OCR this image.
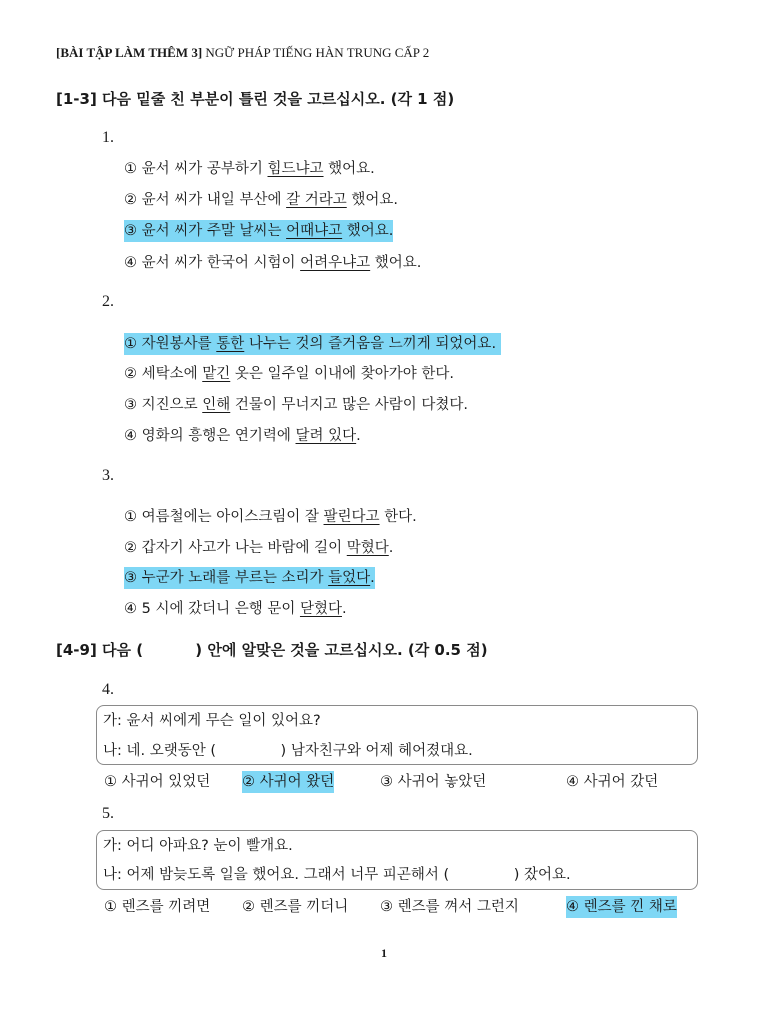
[BÀI TẬP LÀM THÊM 3] NGỮ PHÁP TIẾNG HÀN TRUNG CẤP 2
[1-3] 다음 밑줄 친 부분이 틀린 것을 고르십시오. (각 1 점)
1.
① 윤서 씨가 공부하기 힘드냐고 했어요.
② 윤서 씨가 내일 부산에 갈 거라고 했어요.
③ 윤서 씨가 주말 날씨는 어때냐고 했어요.
④ 윤서 씨가 한국어 시험이 어려우냐고 했어요.
2.
① 자원봉사를 통한 나누는 것의 즐거움을 느끼게 되었어요.
② 세탁소에 맡긴 옷은 일주일 이내에 찾아가야 한다.
③ 지진으로 인해 건물이 무너지고 많은 사람이 다쳤다.
④ 영화의 흥행은 연기력에 달려 있다.
3.
① 여름철에는 아이스크림이 잘 팔린다고 한다.
② 갑자기 사고가 나는 바람에 길이 막혔다.
③ 누군가 노래를 부르는 소리가 들었다.
④ 5 시에 갔더니 은행 문이 닫혔다.
[4-9] 다음 (          ) 안에 알맞은 것을 고르십시오. (각 0.5 점)
4.
가: 윤서 씨에게 무슨 일이 있어요?
나: 네. 오랫동안 (              ) 남자친구와 어제 헤어졌대요.
① 사귀어 있었던 ② 사귀어 왔던	③ 사귀어 놓았던	④ 사귀어 갔던
5.
가: 어디 아파요? 눈이 빨개요.
나: 어제 밤늦도록 일을 했어요. 그래서 너무 피곤해서 (              ) 잤어요.
① 렌즈를 끼려면 ② 렌즈를 끼더니 ③ 렌즈를 껴서 그런지	④ 렌즈를 낀 채로
1
